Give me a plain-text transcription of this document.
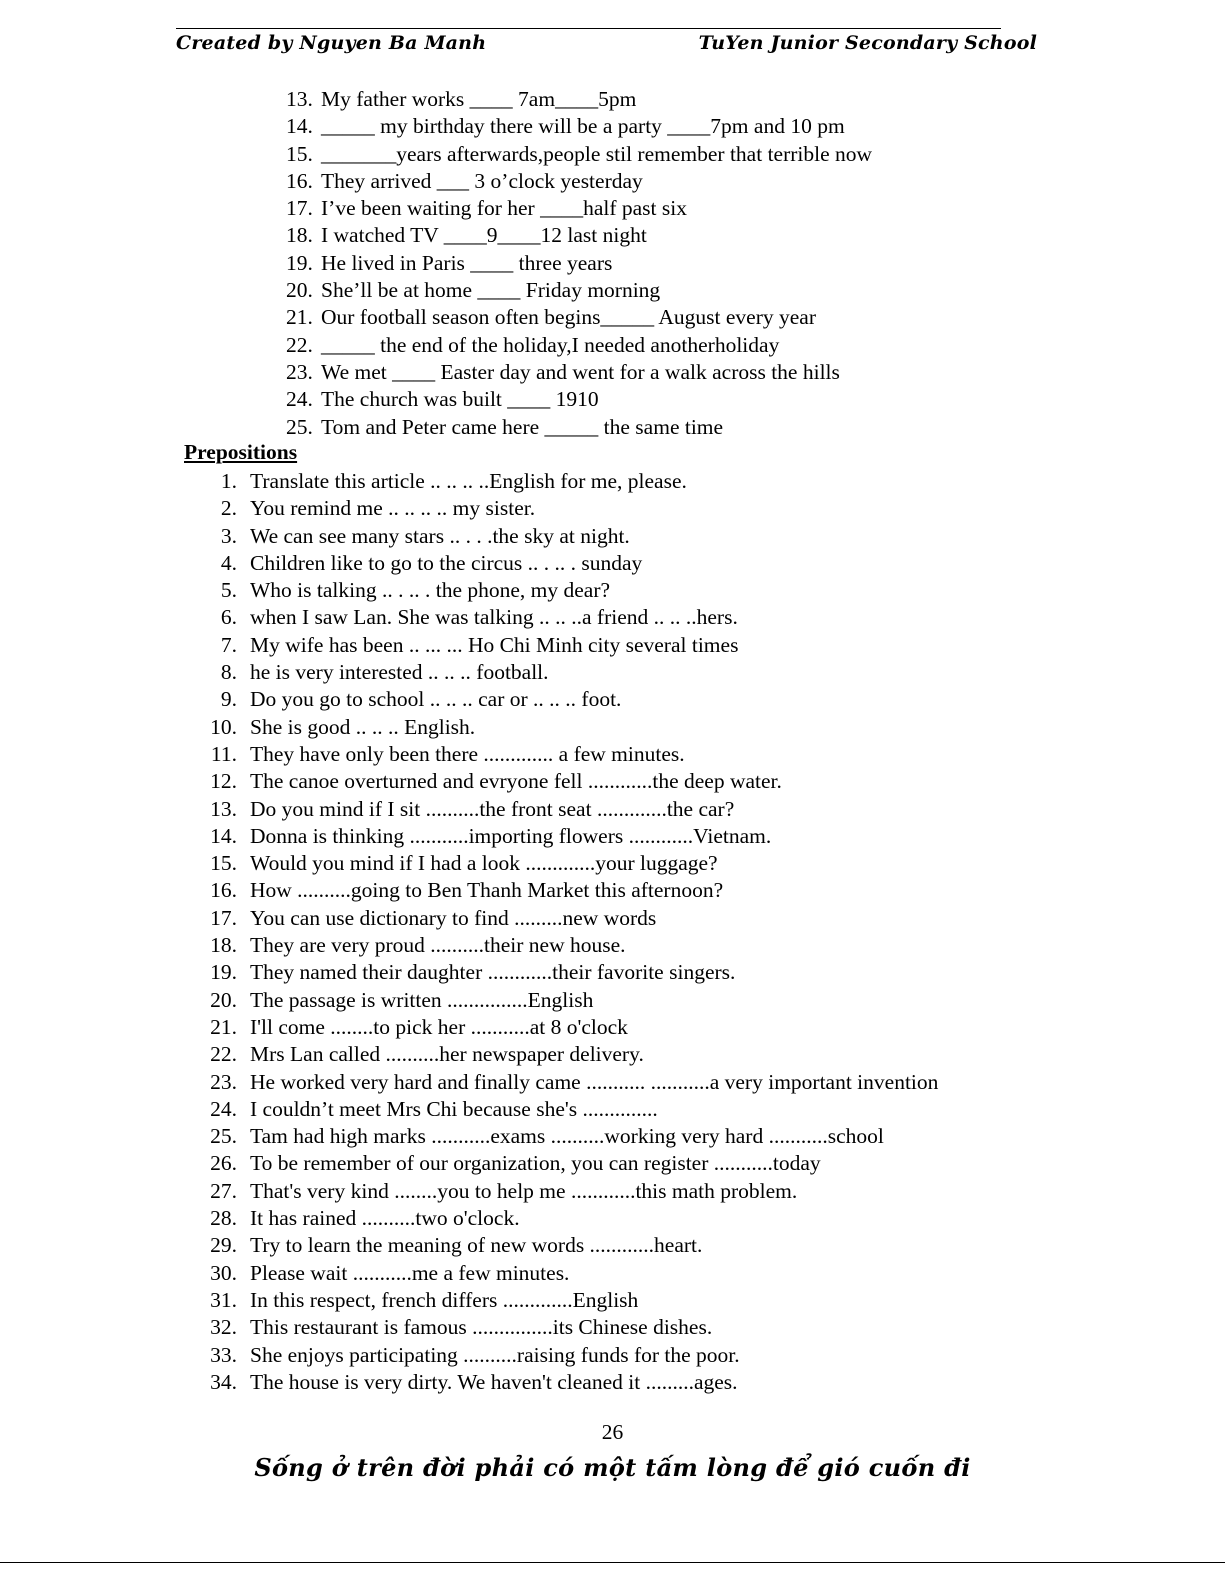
Created by Nguyen Ba Manh	TuYen Junior Secondary School
13. My father works ____ 7am____5pm
14. _____ my birthday there will be a party ____7pm and 10 pm
15. _______years afterwards,people stil remember that terrible now
16. They arrived ___ 3 o’clock yesterday
17. I’ve been waiting for her ____half past six
18. I watched TV ____9____12 last night
19. He lived in Paris ____ three years
20. She’ll be at home ____ Friday morning
21. Our football season often begins_____ August every year
22. _____ the end of the holiday,I needed anotherholiday
23. We met ____ Easter day and went for a walk across the hills
24. The church was built ____ 1910
25. Tom and Peter came here _____ the same time
Prepositions
1. Translate this article .. .. .. ..English for me, please.
2. You remind me .. .. .. .. my sister.
3. We can see many stars .. . . .the sky at night.
4. Children like to go to the circus .. . .. . sunday
5. Who is talking .. . .. . the phone, my dear?
6. when I saw Lan. She was talking .. .. ..a friend .. .. ..hers.
7. My wife has been .. ... ... Ho Chi Minh city several times
8. he is very interested .. .. .. football.
9. Do you go to school .. .. .. car or .. .. .. foot.
10. She is good .. .. .. English.
11. They have only been there ............. a few minutes.
12. The canoe overturned and evryone fell ............the deep water.
13. Do you mind if I sit ..........the front seat .............the car?
14. Donna is thinking ...........importing flowers ............Vietnam.
15. Would you mind if I had a look .............your luggage?
16. How ..........going to Ben Thanh Market this afternoon?
17. You can use dictionary to find .........new words
18. They are very proud ..........their new house.
19. They named their daughter ............their favorite singers.
20. The passage is written ...............English
21. I'll come ........to pick her ...........at 8 o'clock
22. Mrs Lan called ..........her newspaper delivery.
23. He worked very hard and finally came ........... ...........a very important invention
24. I couldn’t meet Mrs Chi because she's ..............
25. Tam had high marks ...........exams ..........working very hard ...........school
26. To be remember of our organization, you can register ...........today
27. That's very kind ........you to help me ............this math problem.
28. It has rained ..........two o'clock.
29. Try to learn the meaning of new words ............heart.
30. Please wait ...........me a few minutes.
31. In this respect, french differs .............English
32. This restaurant is famous ...............its Chinese dishes.
33. She enjoys participating ..........raising funds for the poor.
34. The house is very dirty. We haven't cleaned it .........ages.
26
Sống ở trên đời phải có một tấm lòng để gió cuốn đi
